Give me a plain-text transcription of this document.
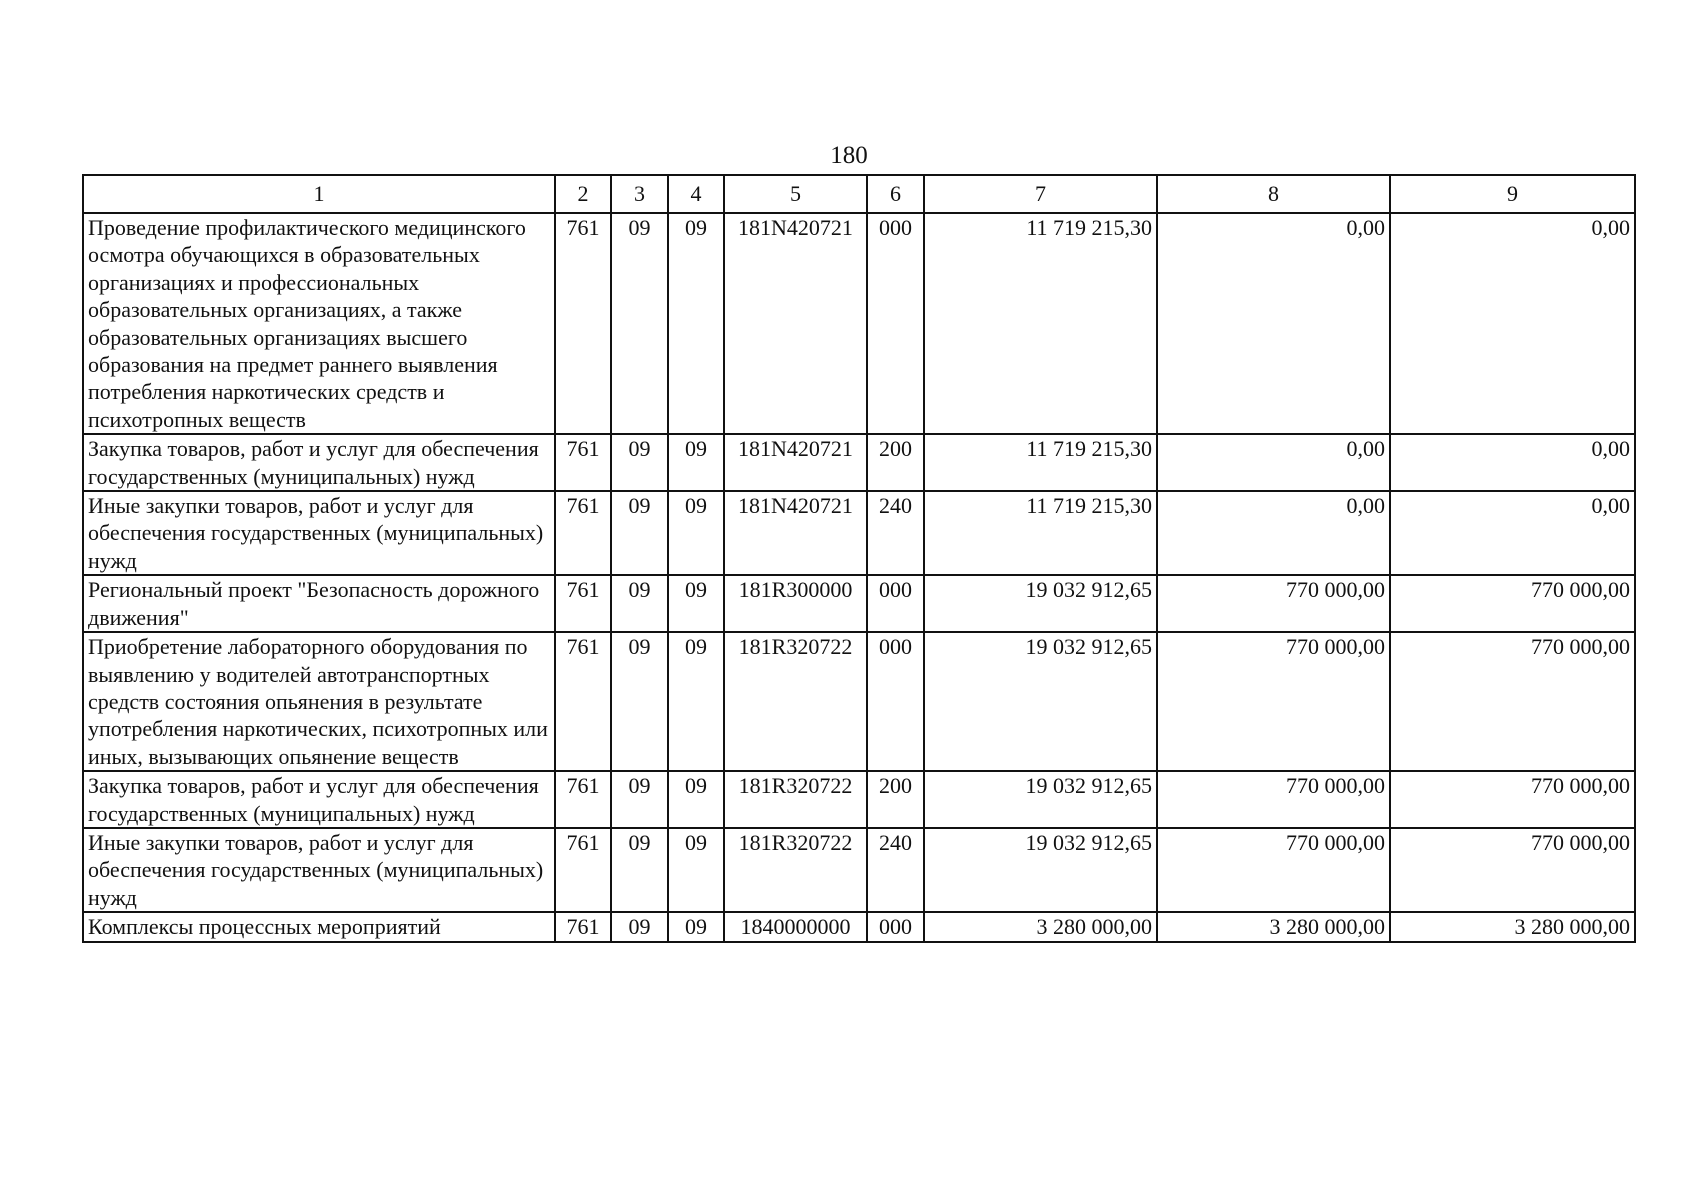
180
1	2	3	4	5	6	7	8	9
Проведение профилактического медицинского осмотра обучающихся в образовательных организациях и профессиональных образовательных организациях, а также образовательных организациях высшего образования на предмет раннего выявления потребления наркотических средств и психотропных веществ	761	09	09	181N420721	000	11 719 215,30	0,00	0,00
Закупка товаров, работ и услуг для обеспечения государственных (муниципальных) нужд	761	09	09	181N420721	200	11 719 215,30	0,00	0,00
Иные закупки товаров, работ и услуг для обеспечения государственных (муниципальных) нужд	761	09	09	181N420721	240	11 719 215,30	0,00	0,00
Региональный проект "Безопасность дорожного движения"	761	09	09	181R300000	000	19 032 912,65	770 000,00	770 000,00
Приобретение лабораторного оборудования по выявлению у водителей автотранспортных средств состояния опьянения в результате употребления наркотических, психотропных или иных, вызывающих опьянение веществ	761	09	09	181R320722	000	19 032 912,65	770 000,00	770 000,00
Закупка товаров, работ и услуг для обеспечения государственных (муниципальных) нужд	761	09	09	181R320722	200	19 032 912,65	770 000,00	770 000,00
Иные закупки товаров, работ и услуг для обеспечения государственных (муниципальных) нужд	761	09	09	181R320722	240	19 032 912,65	770 000,00	770 000,00
Комплексы процессных мероприятий	761	09	09	1840000000	000	3 280 000,00	3 280 000,00	3 280 000,00
